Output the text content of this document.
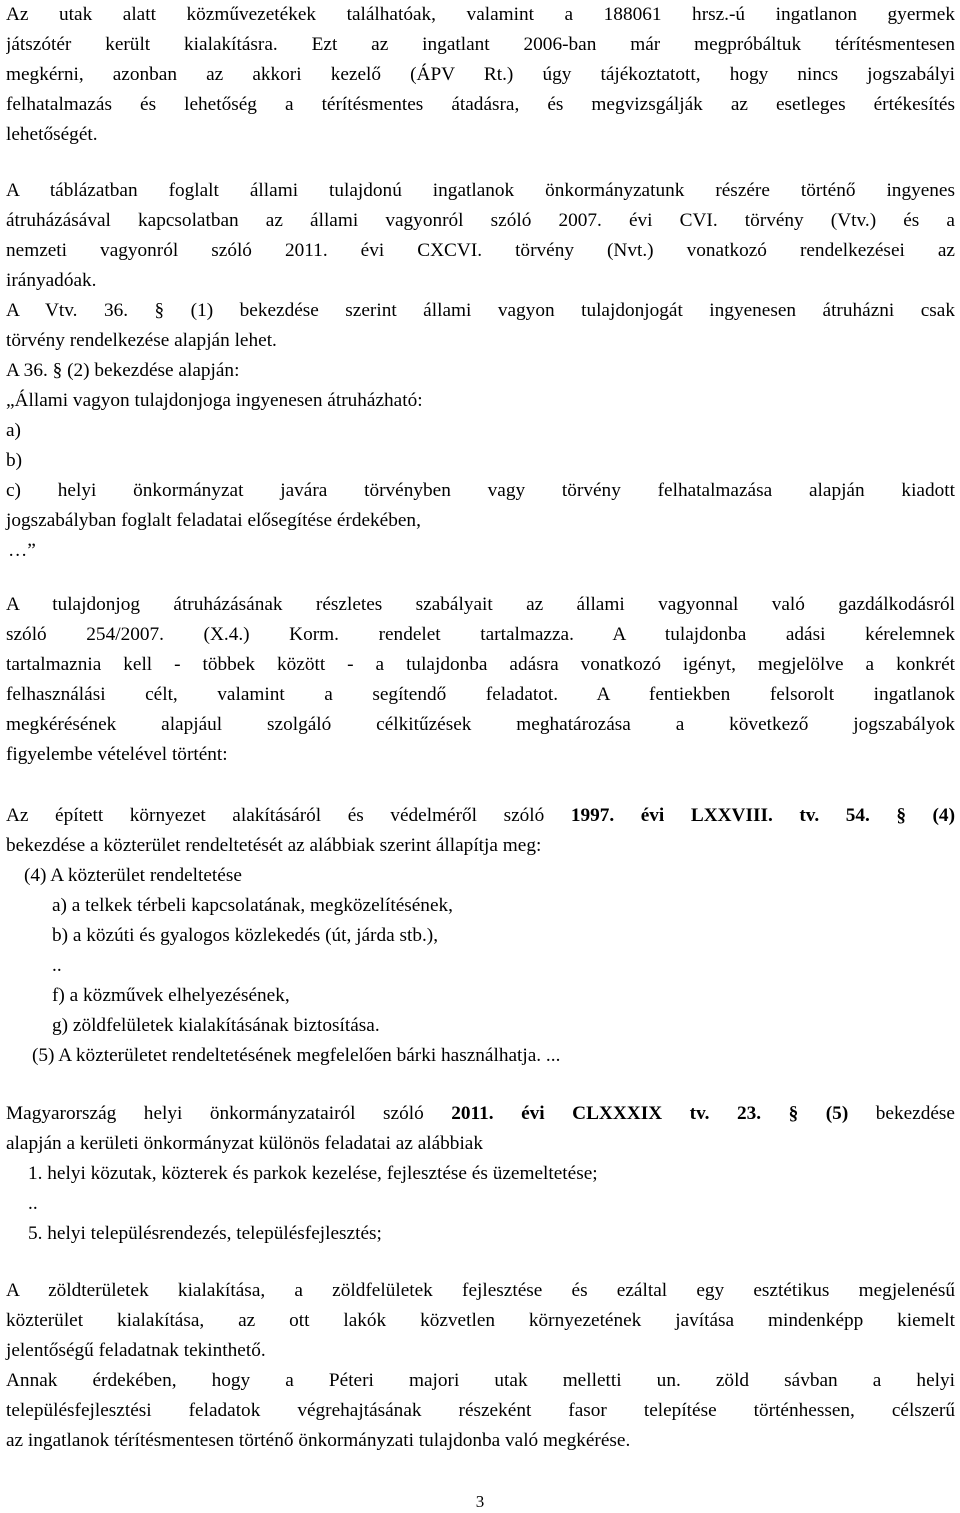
Az utak alatt közművezetékek találhatóak, valamint a 188061 hrsz.-ú ingatlanon gyermek
játszótér került kialakításra. Ezt az ingatlant 2006-ban már megpróbáltuk térítésmentesen
megkérni, azonban az akkori kezelő (ÁPV Rt.) úgy tájékoztatott, hogy nincs jogszabályi
felhatalmazás és lehetőség a térítésmentes átadásra, és megvizsgálják az esetleges értékesítés
lehetőségét.
A táblázatban foglalt állami tulajdonú ingatlanok önkormányzatunk részére történő ingyenes
átruházásával kapcsolatban az állami vagyonról szóló 2007. évi CVI. törvény (Vtv.) és a
nemzeti vagyonról szóló 2011. évi CXCVI. törvény (Nvt.) vonatkozó rendelkezései az
irányadóak.
A Vtv. 36. § (1) bekezdése szerint állami vagyon tulajdonjogát ingyenesen átruházni csak
törvény rendelkezése alapján lehet.
A 36. § (2) bekezdése alapján:
„Állami vagyon tulajdonjoga ingyenesen átruházható:
a)
b)
c) helyi önkormányzat javára törvényben vagy törvény felhatalmazása alapján kiadott
jogszabályban foglalt feladatai elősegítése érdekében,
…”
A tulajdonjog átruházásának részletes szabályait az állami vagyonnal való gazdálkodásról
szóló 254/2007. (X.4.) Korm. rendelet tartalmazza. A tulajdonba adási kérelemnek
tartalmaznia kell - többek között - a tulajdonba adásra vonatkozó igényt, megjelölve a konkrét
felhasználási célt, valamint a segítendő feladatot. A fentiekben felsorolt ingatlanok
megkérésének alapjául szolgáló célkitűzések meghatározása a következő jogszabályok
figyelembe vételével történt:
Az épített környezet alakításáról és védelméről szóló 1997. évi LXXVIII. tv. 54. § (4)
bekezdése a közterület rendeltetését az alábbiak szerint állapítja meg:
(4) A közterület rendeltetése
a) a telkek térbeli kapcsolatának, megközelítésének,
b) a közúti és gyalogos közlekedés (út, járda stb.),
..
f) a közművek elhelyezésének,
g) zöldfelületek kialakításának biztosítása.
(5) A közterületet rendeltetésének megfelelően bárki használhatja. ...
Magyarország helyi önkormányzatairól szóló 2011. évi CLXXXIX tv. 23. § (5) bekezdése
alapján a kerületi önkormányzat különös feladatai az alábbiak
1. helyi közutak, közterek és parkok kezelése, fejlesztése és üzemeltetése;
..
5. helyi településrendezés, településfejlesztés;
A zöldterületek kialakítása, a zöldfelületek fejlesztése és ezáltal egy esztétikus megjelenésű
közterület kialakítása, az ott lakók közvetlen környezetének javítása mindenképp kiemelt
jelentőségű feladatnak tekinthető.
Annak érdekében, hogy a Péteri majori utak melletti un. zöld sávban a helyi
településfejlesztési feladatok végrehajtásának részeként fasor telepítése történhessen, célszerű
az ingatlanok térítésmentesen történő önkormányzati tulajdonba való megkérése.
3
